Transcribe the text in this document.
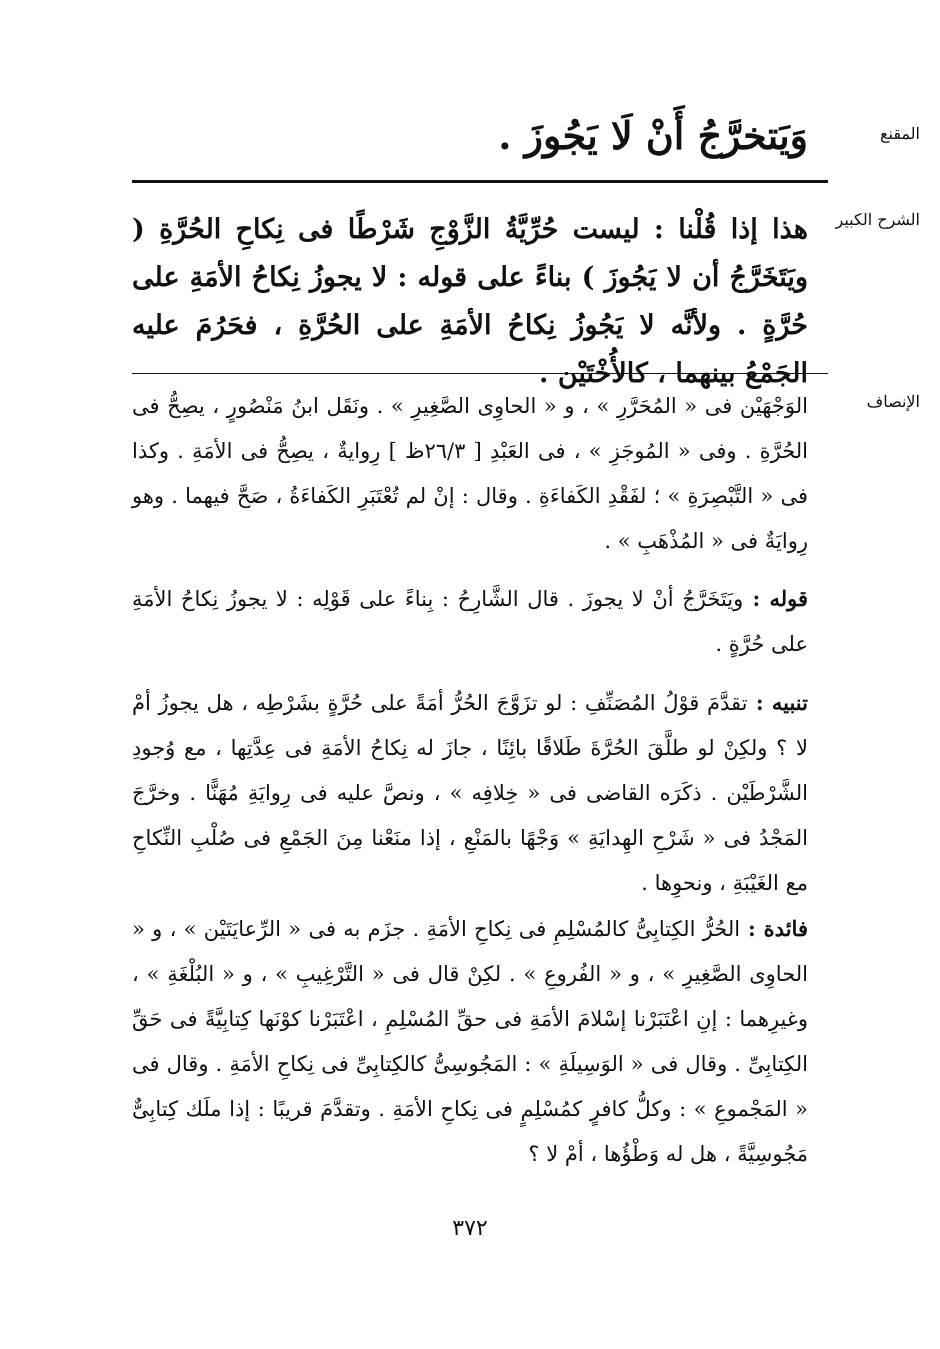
المقنع
وَيَتخرَّجُ أَنْ لَا يَجُوزَ .
الشرح الكبير
هذا إذا قُلْنا : ليست حُرِّيَّةُ الزَّوْجِ شَرْطًا فى نِكاحِ الحُرَّةِ ( ويَتَخَرَّجُ أن لا يَجُوزَ ) بناءً على قوله : لا يجوزُ نِكاحُ الأمَةِ على حُرَّةٍ . ولأنَّه لا يَجُوزُ نِكاحُ الأمَةِ على الحُرَّةِ ، فحَرُمَ عليه الجَمْعُ بينهما ، كالأُخْتَيْن .
الإنصاف
الوَجْهَيْن فى « المُحَرَّرِ » ، و « الحاوِى الصَّغِيرِ » . ونَقَل ابنُ مَنْصُورٍ ، يصِحُّ فى الحُرَّةِ . وفى « المُوجَزِ » ، فى العَبْدِ [ ٢٦/٣ظ ] رِوايةٌ ، يصِحُّ فى الأمَةِ . وكذا فى « التَّبْصِرَةِ » ؛ لفَقْدِ الكَفاءَةِ . وقال : إنْ لم تُعْتَبَرِ الكَفاءَةُ ، صَحَّ فيهما . وهو رِوايَةٌ فى « المُذْهَبِ » .
قوله : ويَتَخَرَّجُ أنْ لا يجوزَ . قال الشَّارِحُ : بِناءً على قَوْلِه : لا يجوزُ نِكاحُ الأمَةِ على حُرَّةٍ .
تنبيه : تقدَّمَ قوْلُ المُصَنِّفِ : لو تزَوَّجَ الحُرُّ أمَةً على حُرَّةٍ بشَرْطِه ، هل يجوزُ أمْ لا ؟ ولكِنْ لو طلَّقَ الحُرَّةَ طَلاقًا بائِنًا ، جازَ له نِكاحُ الأمَةِ فى عِدَّتِها ، مع وُجودِ الشَّرْطَيْن . ذكَرَه القاضى فى « خِلافِه » ، ونصَّ عليه فى رِوايَةِ مُهَنًّا . وخرَّجَ المَجْدُ فى « شَرْحِ الهِدايَةِ » وَجْهًا بالمَنْعِ ، إذا منَعْنا مِنَ الجَمْعِ فى صُلْبِ النِّكاحِ مع الغَيْبَةِ ، ونحوِها .
فائدة : الحُرُّ الكِتابِىُّ كالمُسْلِمِ فى نِكاحِ الأمَةِ . جزَم به فى « الرِّعايَتَيْن » ، و « الحاوِى الصَّغِيرِ » ، و « الفُروعِ » . لكِنْ قال فى « التَّرْغِيبِ » ، و « البُلْغَةِ » ، وغيرِهما : إنِ اعْتَبَرْنا إسْلامَ الأمَةِ فى حقِّ المُسْلِمِ ، اعْتَبَرْنا كوْنَها كِتابِيَّةً فى حَقِّ الكِتابِىِّ . وقال فى « الوَسِيلَةِ » : المَجُوسِىُّ كالكِتابِىِّ فى نِكاحِ الأمَةِ . وقال فى « المَجْموعِ » : وكلُّ كافرٍ كمُسْلِمٍ فى نِكاحِ الأمَةِ . وتقدَّمَ قريبًا : إذا ملَك كِتابِىٌّ مَجُوسِيَّةً ، هل له وَطْؤُها ، أمْ لا ؟
٣٧٢
